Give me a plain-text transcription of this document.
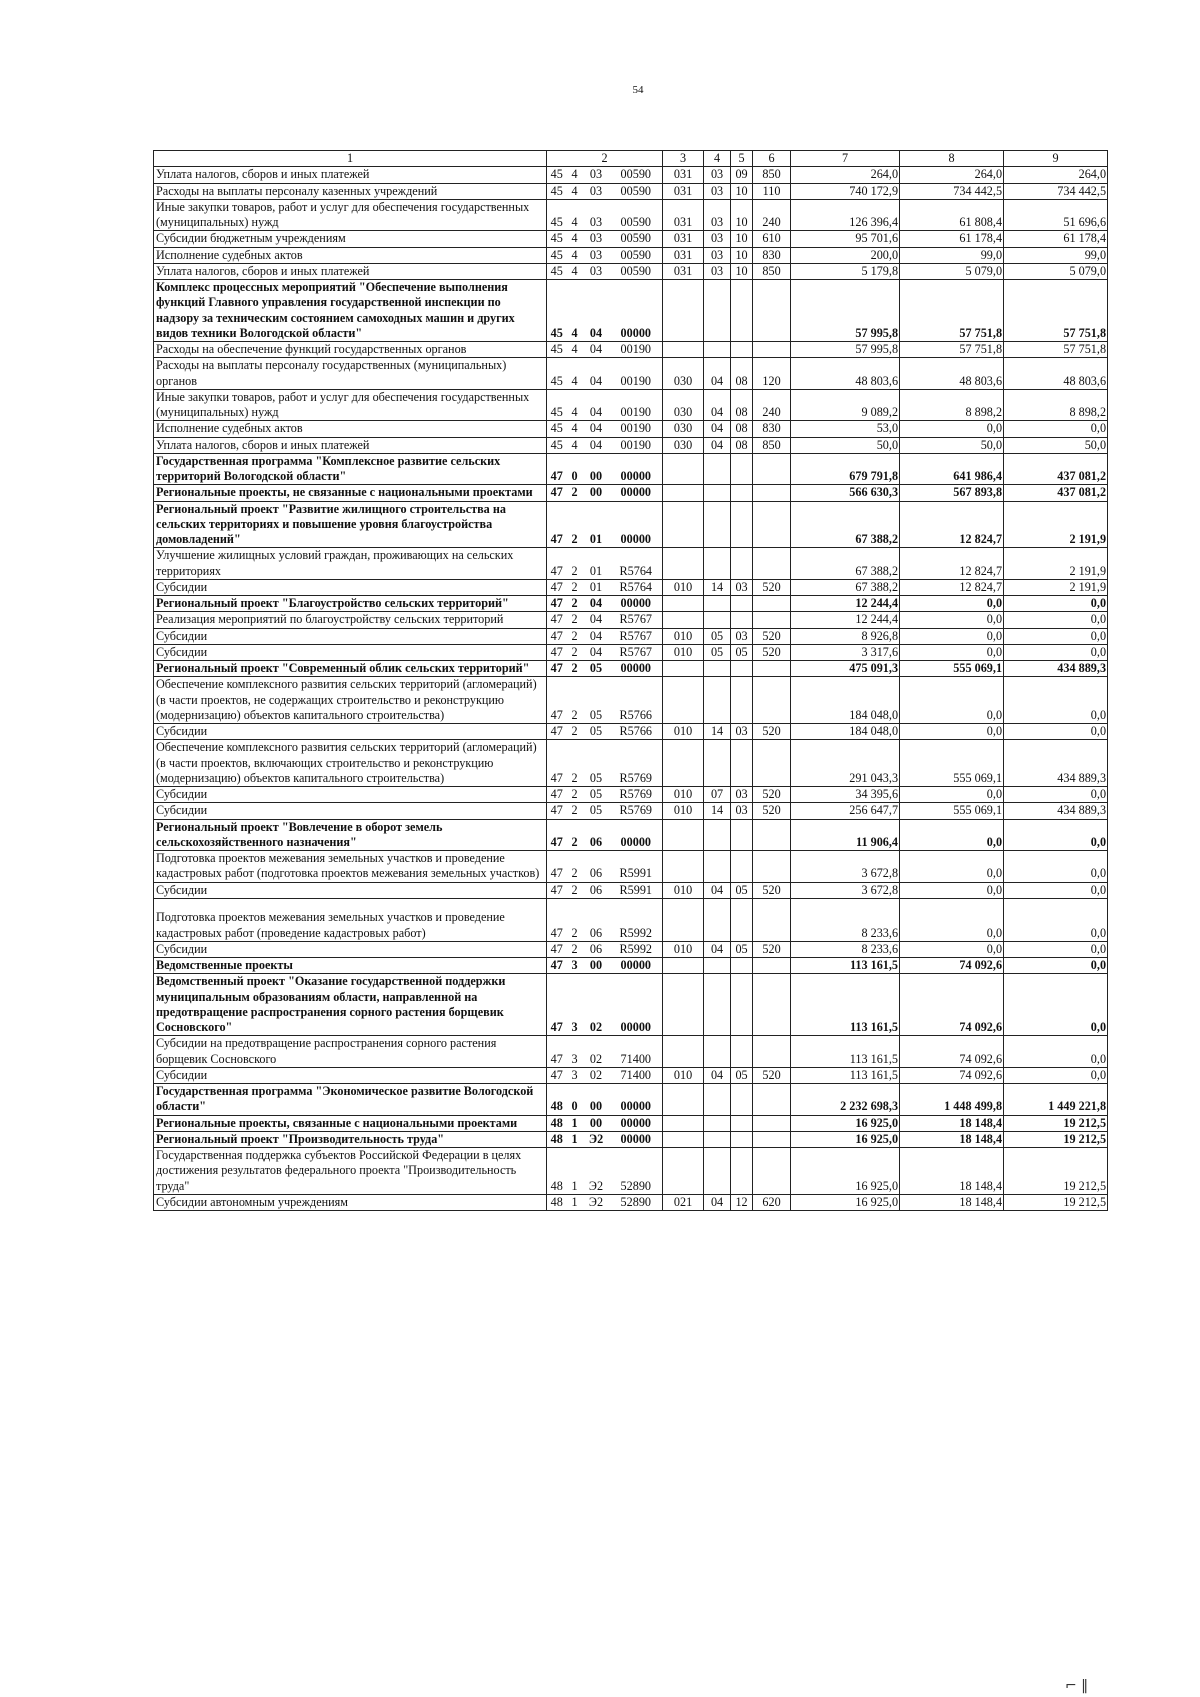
54
1	2				3	4	5	6	7	8	9
Уплата налогов, сборов и иных платежей	45	4	03	00590	031	03	09	850	264,0	264,0	264,0
Расходы на выплаты персоналу казенных учреждений	45	4	03	00590	031	03	10	110	740 172,9	734 442,5	734 442,5
Иные закупки товаров, работ и услуг для обеспечения государственных (муниципальных) нужд	45	4	03	00590	031	03	10	240	126 396,4	61 808,4	51 696,6
Субсидии бюджетным учреждениям	45	4	03	00590	031	03	10	610	95 701,6	61 178,4	61 178,4
Исполнение судебных актов	45	4	03	00590	031	03	10	830	200,0	99,0	99,0
Уплата налогов, сборов и иных платежей	45	4	03	00590	031	03	10	850	5 179,8	5 079,0	5 079,0
Комплекс процессных мероприятий "Обеспечение выполнения функций Главного управления государственной инспекции по надзору за техническим состоянием самоходных машин и других видов техники Вологодской области"	45	4	04	00000					57 995,8	57 751,8	57 751,8
Расходы на обеспечение функций государственных органов	45	4	04	00190					57 995,8	57 751,8	57 751,8
Расходы на выплаты персоналу государственных (муниципальных) органов	45	4	04	00190	030	04	08	120	48 803,6	48 803,6	48 803,6
Иные закупки товаров, работ и услуг для обеспечения государственных (муниципальных) нужд	45	4	04	00190	030	04	08	240	9 089,2	8 898,2	8 898,2
Исполнение судебных актов	45	4	04	00190	030	04	08	830	53,0	0,0	0,0
Уплата налогов, сборов и иных платежей	45	4	04	00190	030	04	08	850	50,0	50,0	50,0
Государственная программа "Комплексное развитие сельских территорий Вологодской области"	47	0	00	00000					679 791,8	641 986,4	437 081,2
Региональные проекты, не связанные с национальными проектами	47	2	00	00000					566 630,3	567 893,8	437 081,2
Региональный проект "Развитие жилищного строительства на сельских территориях и повышение уровня благоустройства домовладений"	47	2	01	00000					67 388,2	12 824,7	2 191,9
Улучшение жилищных условий граждан, проживающих на сельских территориях	47	2	01	R5764					67 388,2	12 824,7	2 191,9
Субсидии	47	2	01	R5764	010	14	03	520	67 388,2	12 824,7	2 191,9
Региональный проект "Благоустройство сельских территорий"	47	2	04	00000					12 244,4	0,0	0,0
Реализация мероприятий по благоустройству сельских территорий	47	2	04	R5767					12 244,4	0,0	0,0
Субсидии	47	2	04	R5767	010	05	03	520	8 926,8	0,0	0,0
Субсидии	47	2	04	R5767	010	05	05	520	3 317,6	0,0	0,0
Региональный проект "Современный облик сельских территорий"	47	2	05	00000					475 091,3	555 069,1	434 889,3
Обеспечение комплексного развития сельских территорий (агломераций) (в части проектов, не содержащих строительство и реконструкцию (модернизацию) объектов капитального строительства)	47	2	05	R5766					184 048,0	0,0	0,0
Субсидии	47	2	05	R5766	010	14	03	520	184 048,0	0,0	0,0
Обеспечение комплексного развития сельских территорий (агломераций) (в части проектов, включающих строительство и реконструкцию (модернизацию) объектов капитального строительства)	47	2	05	R5769					291 043,3	555 069,1	434 889,3
Субсидии	47	2	05	R5769	010	07	03	520	34 395,6	0,0	0,0
Субсидии	47	2	05	R5769	010	14	03	520	256 647,7	555 069,1	434 889,3
Региональный проект "Вовлечение в оборот земель сельскохозяйственного назначения"	47	2	06	00000					11 906,4	0,0	0,0
Подготовка проектов межевания земельных участков и проведение кадастровых работ (подготовка проектов межевания земельных участков)	47	2	06	R5991					3 672,8	0,0	0,0
Субсидии	47	2	06	R5991	010	04	05	520	3 672,8	0,0	0,0
Подготовка проектов межевания земельных участков и проведение кадастровых работ (проведение кадастровых работ)	47	2	06	R5992					8 233,6	0,0	0,0
Субсидии	47	2	06	R5992	010	04	05	520	8 233,6	0,0	0,0
Ведомственные проекты	47	3	00	00000					113 161,5	74 092,6	0,0
Ведомственный проект "Оказание государственной поддержки муниципальным образованиям области, направленной на предотвращение распространения сорного растения борщевик Сосновского"	47	3	02	00000					113 161,5	74 092,6	0,0
Субсидии на предотвращение распространения сорного растения борщевик Сосновского	47	3	02	71400					113 161,5	74 092,6	0,0
Субсидии	47	3	02	71400	010	04	05	520	113 161,5	74 092,6	0,0
Государственная программа "Экономическое развитие Вологодской области"	48	0	00	00000					2 232 698,3	1 448 499,8	1 449 221,8
Региональные проекты, связанные с национальными проектами	48	1	00	00000					16 925,0	18 148,4	19 212,5
Региональный проект "Производительность труда"	48	1	Э2	00000					16 925,0	18 148,4	19 212,5
Государственная поддержка субъектов Российской Федерации в целях достижения результатов федерального проекта "Производительность труда"	48	1	Э2	52890					16 925,0	18 148,4	19 212,5
Субсидии автономным учреждениям	48	1	Э2	52890	021	04	12	620	16 925,0	18 148,4	19 212,5
⌐ ‖
